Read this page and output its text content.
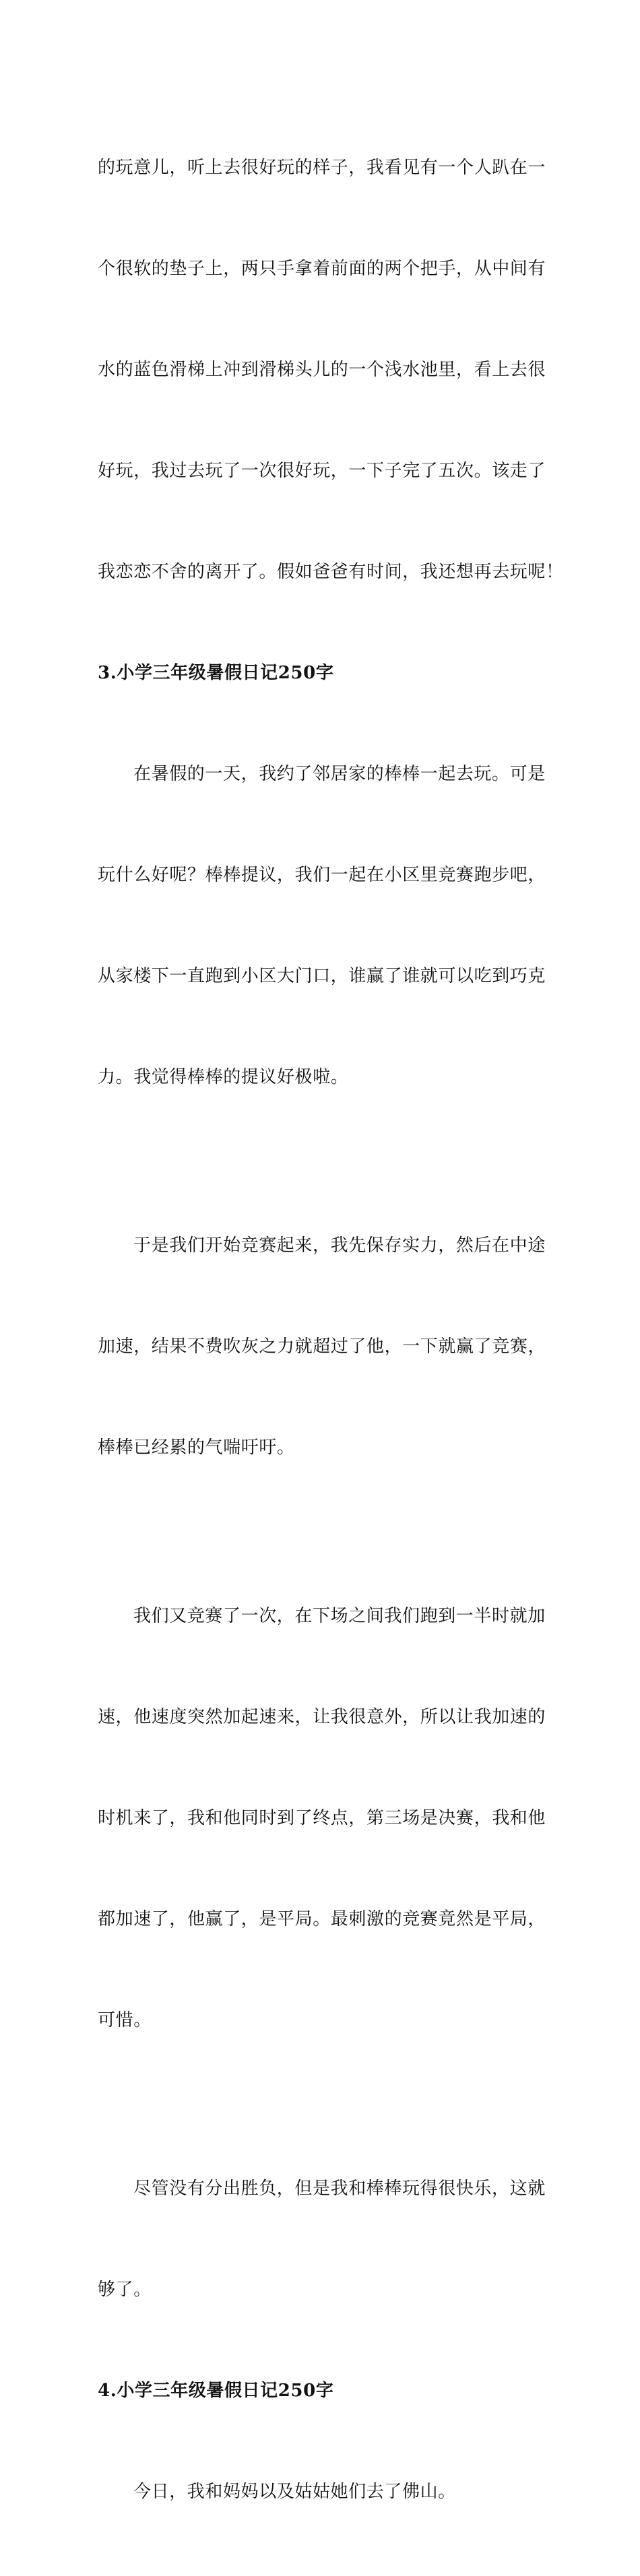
的玩意儿，听上去很好玩的样子，我看见有一个人趴在一

个很软的垫子上，两只手拿着前面的两个把手，从中间有

水的蓝色滑梯上冲到滑梯头儿的一个浅水池里，看上去很

好玩，我过去玩了一次很好玩，一下子完了五次。该走了

我恋恋不舍的离开了。假如爸爸有时间，我还想再去玩呢！

3.小学三年级暑假日记250字

在暑假的一天，我约了邻居家的棒棒一起去玩。可是

玩什么好呢？棒棒提议，我们一起在小区里竞赛跑步吧，

从家楼下一直跑到小区大门口，谁赢了谁就可以吃到巧克

力。我觉得棒棒的提议好极啦。

于是我们开始竞赛起来，我先保存实力，然后在中途

加速，结果不费吹灰之力就超过了他，一下就赢了竞赛，

棒棒已经累的气喘吁吁。

我们又竞赛了一次，在下场之间我们跑到一半时就加

速，他速度突然加起速来，让我很意外，所以让我加速的

时机来了，我和他同时到了终点，第三场是决赛，我和他

都加速了，他赢了，是平局。最刺激的竞赛竟然是平局，

可惜。

尽管没有分出胜负，但是我和棒棒玩得很快乐，这就

够了。

4.小学三年级暑假日记250字

今日，我和妈妈以及姑姑她们去了佛山。
